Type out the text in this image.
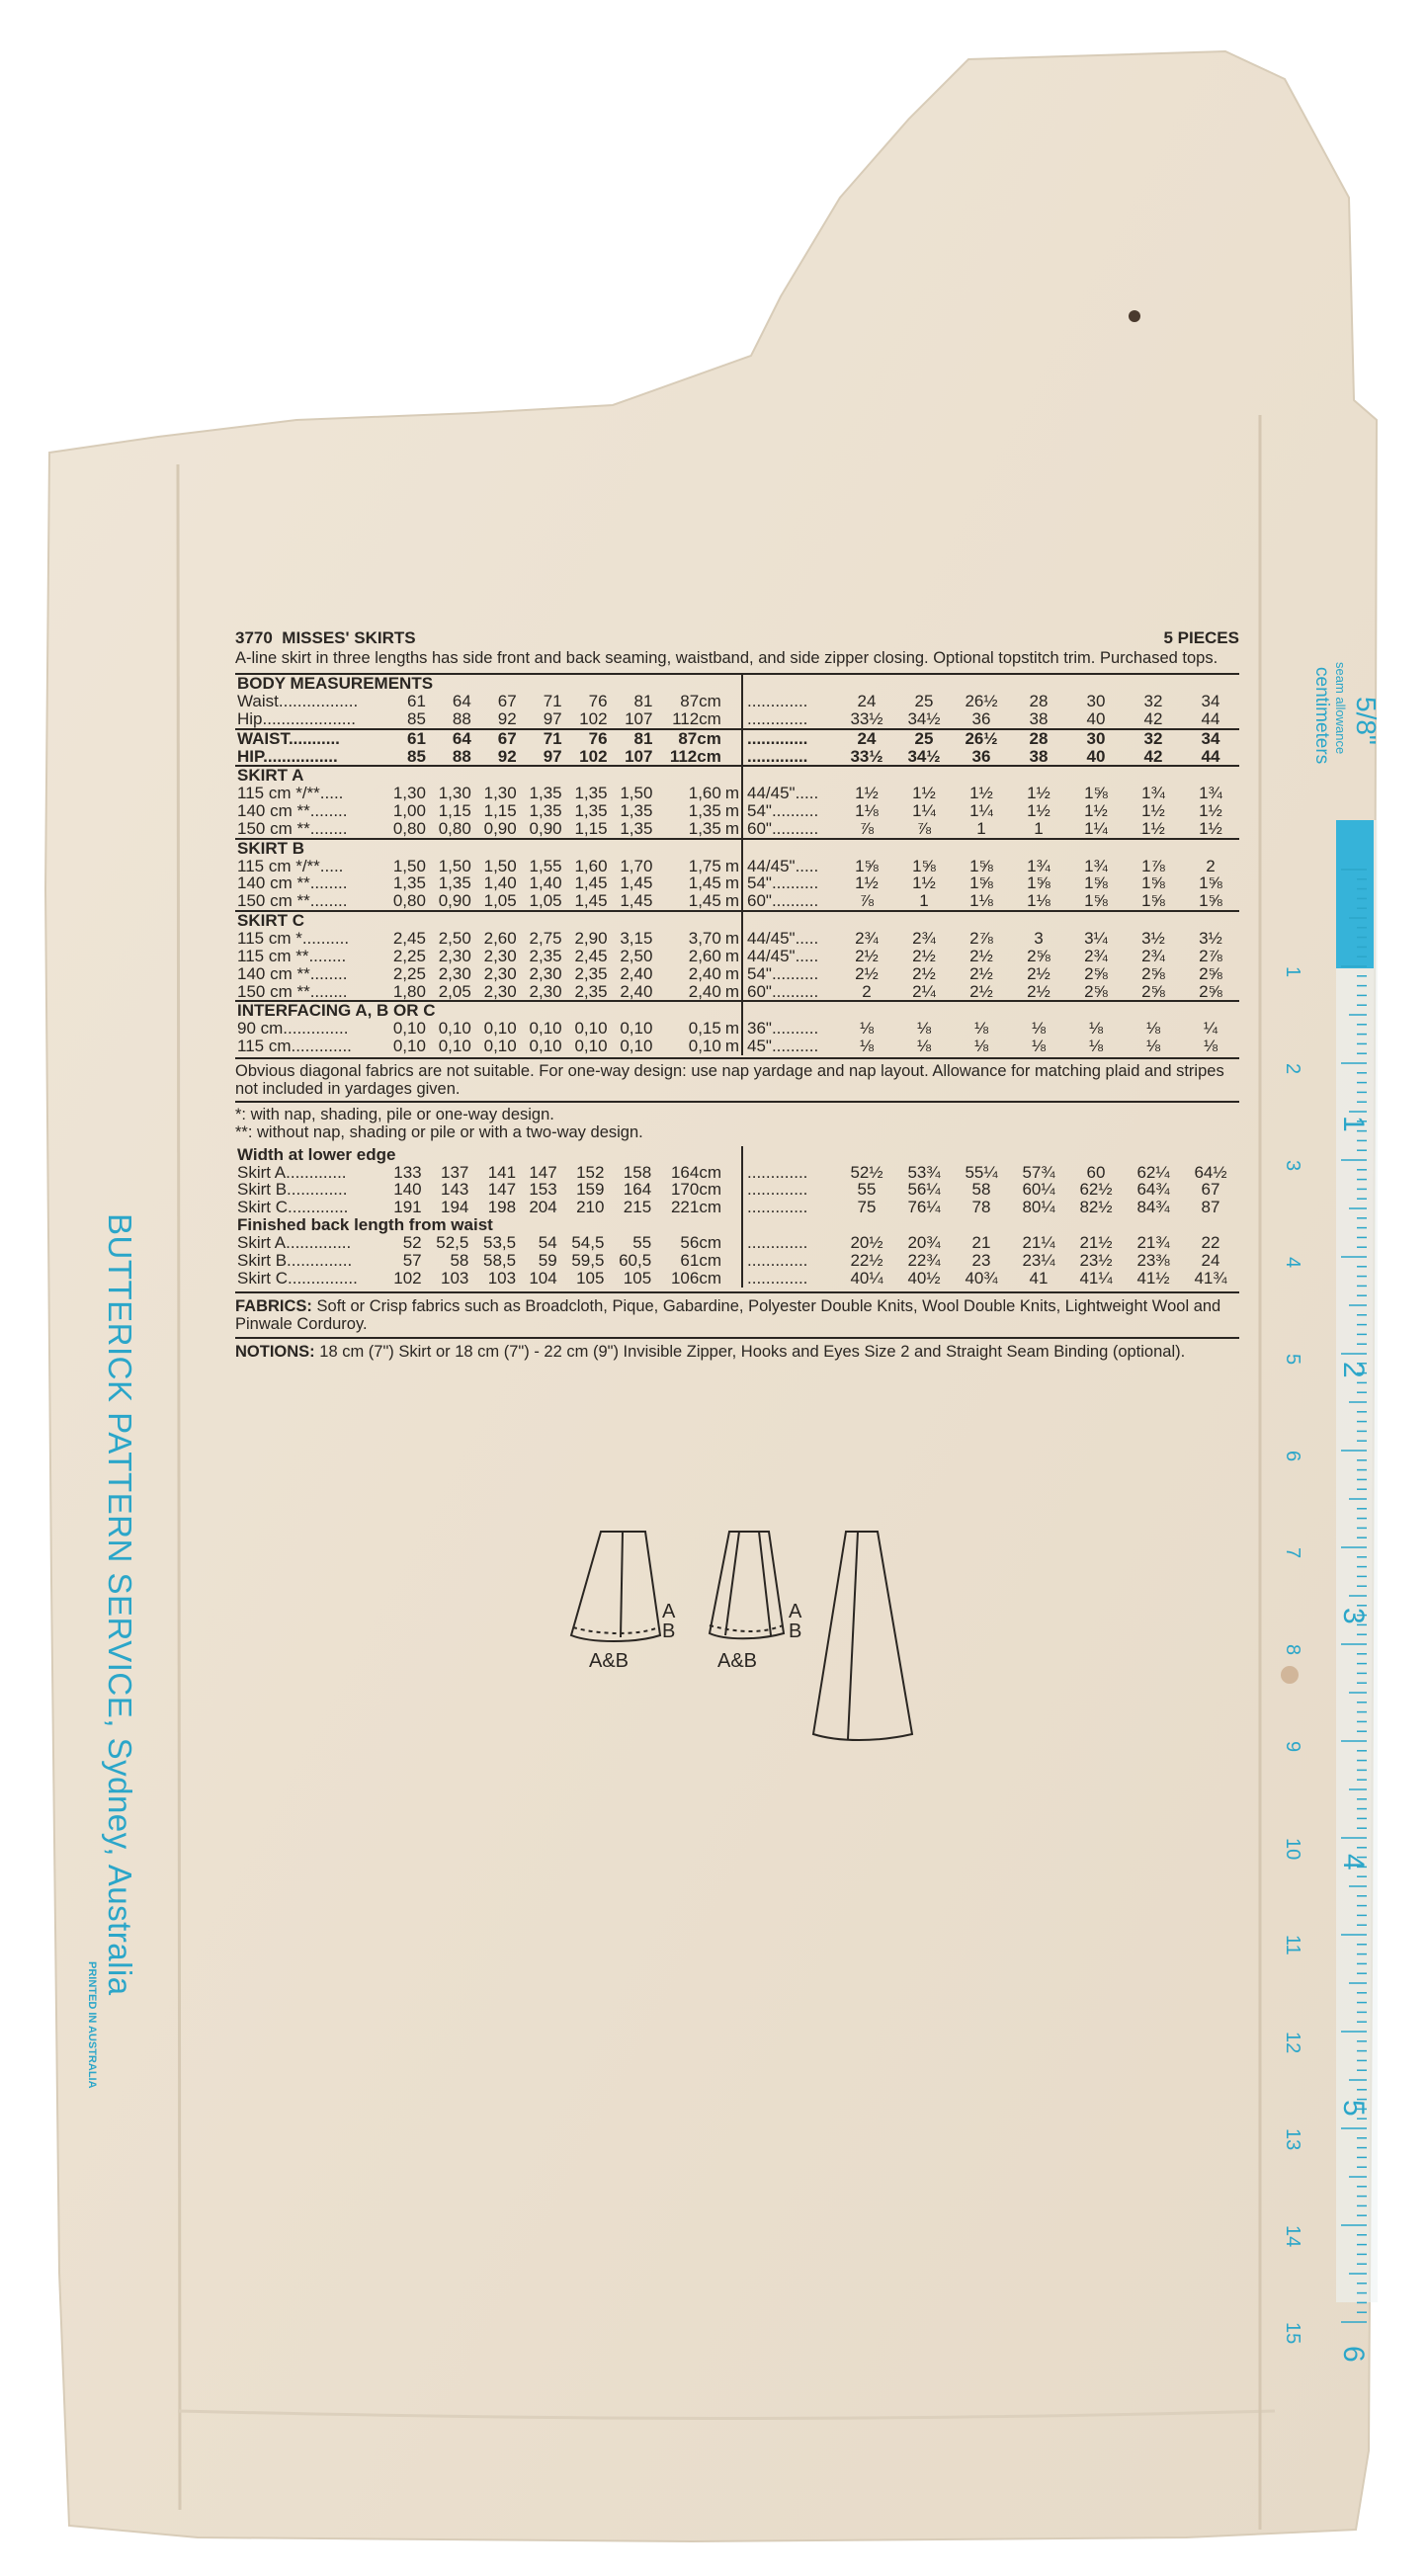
BUTTERICK PATTERN SERVICE, Sydney, Australia
PRINTED IN AUSTRALIA
5/8"
seam allowance
centimeters
1
2
3
4
5
6
7
8
9
10
11
12
13
14
15
1
2
3
4
5
6
3770 MISSES' SKIRTS	5 PIECES
A-line skirt in three lengths has side front and back seaming, waistband, and side zipper closing. Optional topstitch trim. Purchased tops.
BODY MEASUREMENTS																
Waist.................	61	64	67	71	76	81	87cm			.............	24	25	26½	28	30	32	34
Hip....................	85	88	92	97	102	107	112cm			.............	33½	34½	36	38	40	42	44
WAIST...........	61	64	67	71	76	81	87cm			.............	24	25	26½	28	30	32	34
HIP................	85	88	92	97	102	107	112cm			.............	33½	34½	36	38	40	42	44
SKIRT A																
115 cm */**.....	1,30	1,30	1,30	1,35	1,35	1,50	1,60	m		44/45".....	1½	1½	1½	1½	1⅝	1¾	1¾
140 cm **........	1,00	1,15	1,15	1,35	1,35	1,35	1,35	m		54"..........	1⅛	1¼	1¼	1½	1½	1½	1½
150 cm **........	0,80	0,80	0,90	0,90	1,15	1,35	1,35	m		60"..........	⅞	⅞	1	1	1¼	1½	1½
SKIRT B																
115 cm */**.....	1,50	1,50	1,50	1,55	1,60	1,70	1,75	m		44/45".....	1⅝	1⅝	1⅝	1¾	1¾	1⅞	2
140 cm **........	1,35	1,35	1,40	1,40	1,45	1,45	1,45	m		54"..........	1½	1½	1⅝	1⅝	1⅝	1⅝	1⅝
150 cm **........	0,80	0,90	1,05	1,05	1,45	1,45	1,45	m		60"..........	⅞	1	1⅛	1⅛	1⅝	1⅝	1⅝
SKIRT C																
115 cm *..........	2,45	2,50	2,60	2,75	2,90	3,15	3,70	m		44/45".....	2¾	2¾	2⅞	3	3¼	3½	3½
115 cm **........	2,25	2,30	2,30	2,35	2,45	2,50	2,60	m		44/45".....	2½	2½	2½	2⅝	2¾	2¾	2⅞
140 cm **........	2,25	2,30	2,30	2,30	2,35	2,40	2,40	m		54"..........	2½	2½	2½	2½	2⅝	2⅝	2⅝
150 cm **........	1,80	2,05	2,30	2,30	2,35	2,40	2,40	m		60"..........	2	2¼	2½	2½	2⅝	2⅝	2⅝
INTERFACING A, B OR C																
90 cm..............	0,10	0,10	0,10	0,10	0,10	0,10	0,15	m		36"..........	⅛	⅛	⅛	⅛	⅛	⅛	¼
115 cm.............	0,10	0,10	0,10	0,10	0,10	0,10	0,10	m		45"..........	⅛	⅛	⅛	⅛	⅛	⅛	⅛
Obvious diagonal fabrics are not suitable. For one-way design: use nap yardage and nap layout. Allowance for matching plaid and stripes not included in yardages given.
*: with nap, shading, pile or one-way design.
**: without nap, shading or pile or with a two-way design.
Width at lower edge																
Skirt A.............	133	137	141	147	152	158	164cm			.............	52½	53¾	55¼	57¾	60	62¼	64½
Skirt B.............	140	143	147	153	159	164	170cm			.............	55	56¼	58	60¼	62½	64¾	67
Skirt C.............	191	194	198	204	210	215	221cm			.............	75	76¼	78	80¼	82½	84¾	87
Finished back length from waist																
Skirt A..............	52	52,5	53,5	54	54,5	55	56cm			.............	20½	20¾	21	21¼	21½	21¾	22
Skirt B..............	57	58	58,5	59	59,5	60,5	61cm			.............	22½	22¾	23	23¼	23½	23⅜	24
Skirt C...............	102	103	103	104	105	105	106cm			.............	40¼	40½	40¾	41	41¼	41½	41¾
FABRICS: Soft or Crisp fabrics such as Broadcloth, Pique, Gabardine, Polyester Double Knits, Wool Double Knits, Lightweight Wool and Pinwale Corduroy.
NOTIONS: 18 cm (7") Skirt or 18 cm (7") - 22 cm (9") Invisible Zipper, Hooks and Eyes Size 2 and Straight Seam Binding (optional).
A
B
A&B
A
B
A&B
